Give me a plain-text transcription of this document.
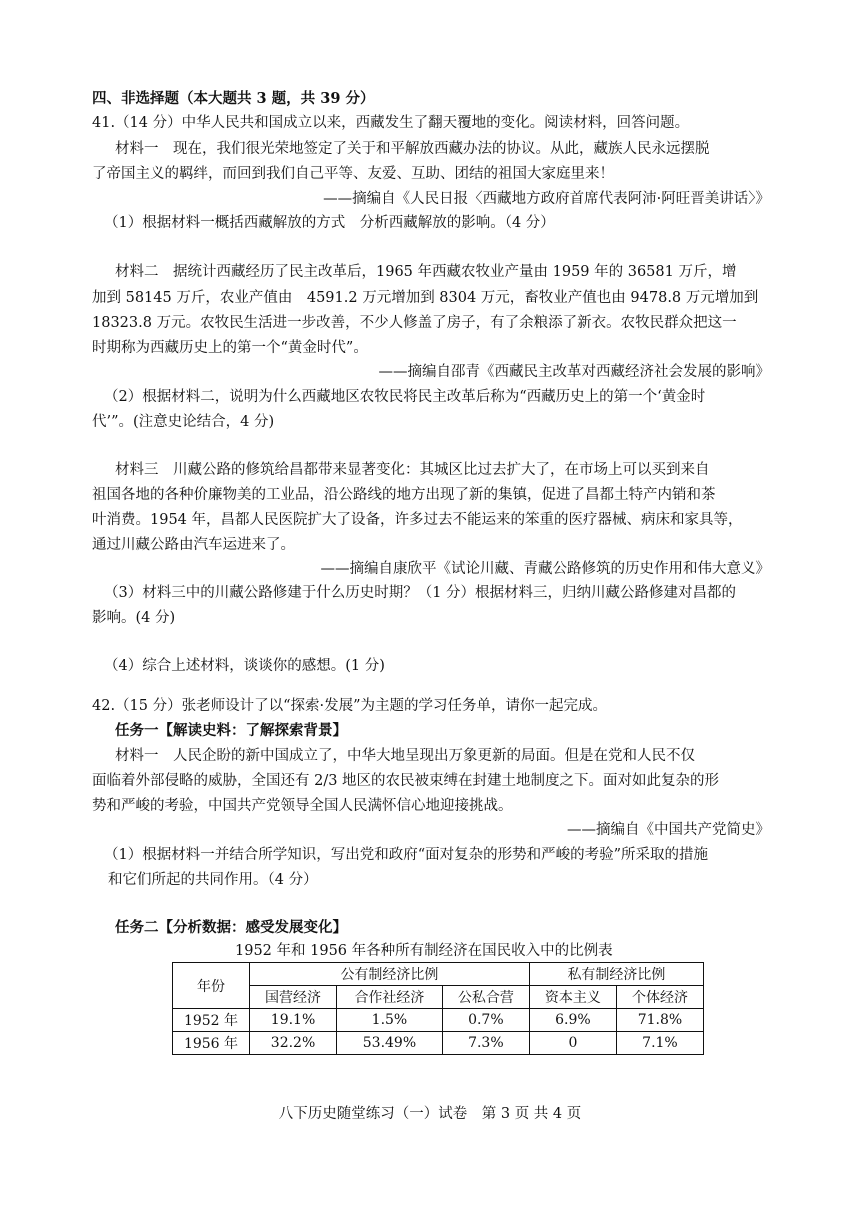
四、非选择题（本大题共 3 题，共 39 分）
41.（14 分）中华人民共和国成立以来，西藏发生了翻天覆地的变化。阅读材料，回答问题。
材料一　现在，我们很光荣地签定了关于和平解放西藏办法的协议。从此，藏族人民永远摆脱
了帝国主义的羁绊，而回到我们自己平等、友爱、互助、团结的祖国大家庭里来！
——摘编自《人民日报〈西藏地方政府首席代表阿沛·阿旺晋美讲话〉》
（1）根据材料一概括西藏解放的方式　分析西藏解放的影响。（4 分）
材料二　据统计西藏经历了民主改革后，1965 年西藏农牧业产量由 1959 年的 36581 万斤，增
加到 58145 万斤，农业产值由　4591.2 万元增加到 8304 万元，畜牧业产值也由 9478.8 万元增加到
18323.8 万元。农牧民生活进一步改善，不少人修盖了房子，有了余粮添了新衣。农牧民群众把这一
时期称为西藏历史上的第一个“黄金时代”。
——摘编自邵青《西藏民主改革对西藏经济社会发展的影响》
（2）根据材料二，说明为什么西藏地区农牧民将民主改革后称为“西藏历史上的第一个‘黄金时
代’”。(注意史论结合，4 分)
材料三　川藏公路的修筑给昌都带来显著变化：其城区比过去扩大了，在市场上可以买到来自
祖国各地的各种价廉物美的工业品，沿公路线的地方出现了新的集镇，促进了昌都土特产内销和茶
叶消费。1954 年，昌都人民医院扩大了设备，许多过去不能运来的笨重的医疗器械、病床和家具等，
通过川藏公路由汽车运进来了。
——摘编自康欣平《试论川藏、青藏公路修筑的历史作用和伟大意义》
（3）材料三中的川藏公路修建于什么历史时期？（1 分）根据材料三，归纳川藏公路修建对昌都的
影响。(4 分)
（4）综合上述材料，谈谈你的感想。(1 分)
42.（15 分）张老师设计了以“探索·发展”为主题的学习任务单，请你一起完成。
任务一【解读史料：了解探索背景】
材料一　人民企盼的新中国成立了，中华大地呈现出万象更新的局面。但是在党和人民不仅
面临着外部侵略的威胁，全国还有 2/3 地区的农民被束缚在封建土地制度之下。面对如此复杂的形
势和严峻的考验，中国共产党领导全国人民满怀信心地迎接挑战。
——摘编自《中国共产党简史》
（1）根据材料一并结合所学知识，写出党和政府“面对复杂的形势和严峻的考验”所采取的措施
和它们所起的共同作用。（4 分）
任务二【分析数据：感受发展变化】
1952 年和 1956 年各种所有制经济在国民收入中的比例表
年份	公有制经济比例			私有制经济比例	
	国营经济	合作社经济	公私合营	资本主义	个体经济
1952 年	19.1%	1.5%	0.7%	6.9%	71.8%
1956 年	32.2%	53.49%	7.3%	0	7.1%
八下历史随堂练习（一）试卷　第 3 页 共 4 页
